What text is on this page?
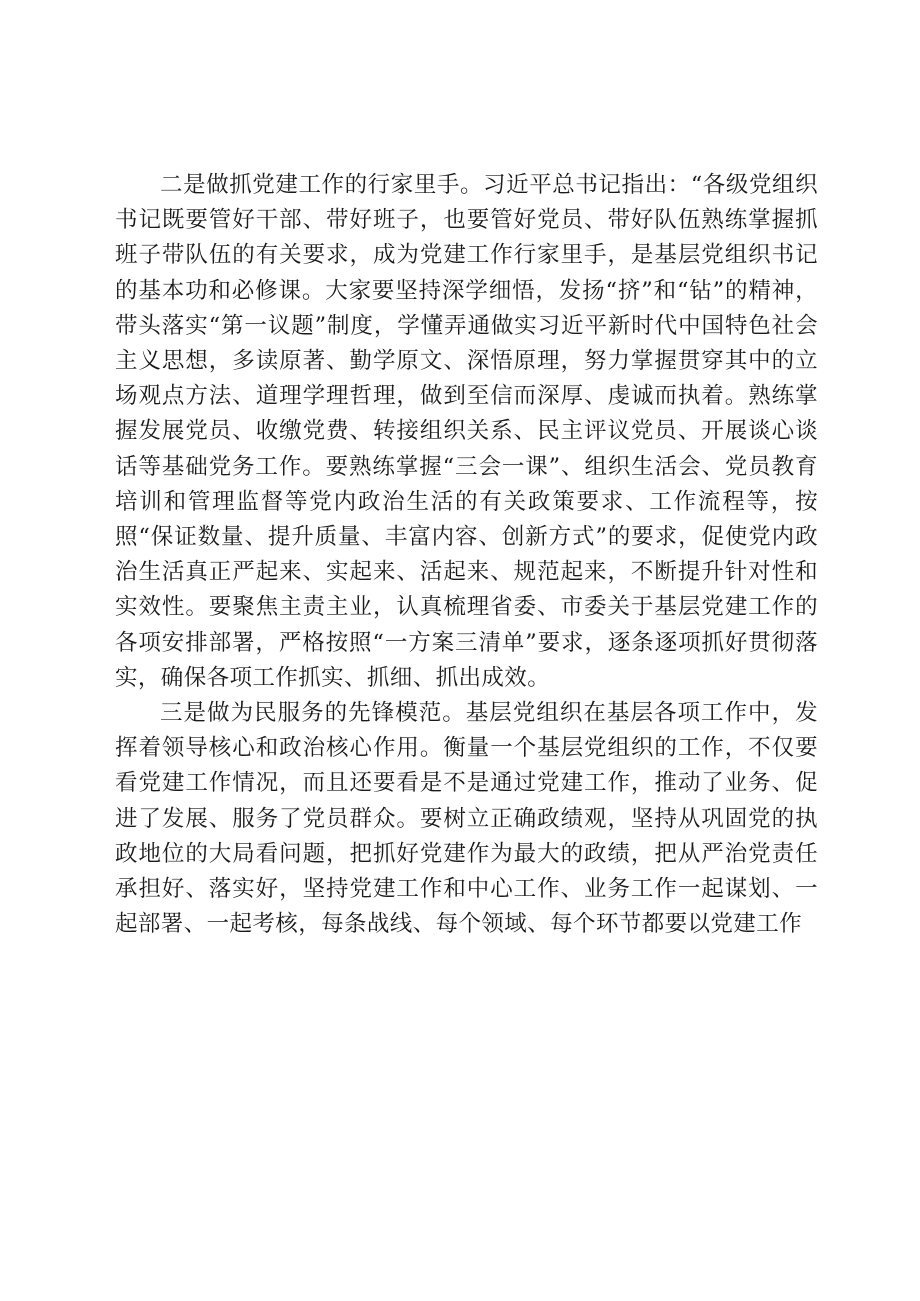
二是做抓党建工作的行家里手。习近平总书记指出：“各级党组织书记既要管好干部、带好班子，也要管好党员、带好队伍熟练掌握抓班子带队伍的有关要求，成为党建工作行家里手，是基层党组织书记的基本功和必修课。大家要坚持深学细悟，发扬“挤”和“钻”的精神，带头落实“第一议题”制度，学懂弄通做实习近平新时代中国特色社会主义思想，多读原著、勤学原文、深悟原理，努力掌握贯穿其中的立场观点方法、道理学理哲理，做到至信而深厚、虔诚而执着。熟练掌握发展党员、收缴党费、转接组织关系、民主评议党员、开展谈心谈话等基础党务工作。要熟练掌握“三会一课”、组织生活会、党员教育培训和管理监督等党内政治生活的有关政策要求、工作流程等，按照“保证数量、提升质量、丰富内容、创新方式”的要求，促使党内政治生活真正严起来、实起来、活起来、规范起来，不断提升针对性和实效性。要聚焦主责主业，认真梳理省委、市委关于基层党建工作的各项安排部署，严格按照“一方案三清单”要求，逐条逐项抓好贯彻落实，确保各项工作抓实、抓细、抓出成效。

三是做为民服务的先锋模范。基层党组织在基层各项工作中，发挥着领导核心和政治核心作用。衡量一个基层党组织的工作，不仅要看党建工作情况，而且还要看是不是通过党建工作，推动了业务、促进了发展、服务了党员群众。要树立正确政绩观，坚持从巩固党的执政地位的大局看问题，把抓好党建作为最大的政绩，把从严治党责任承担好、落实好，坚持党建工作和中心工作、业务工作一起谋划、一起部署、一起考核，每条战线、每个领域、每个环节都要以党建工作
